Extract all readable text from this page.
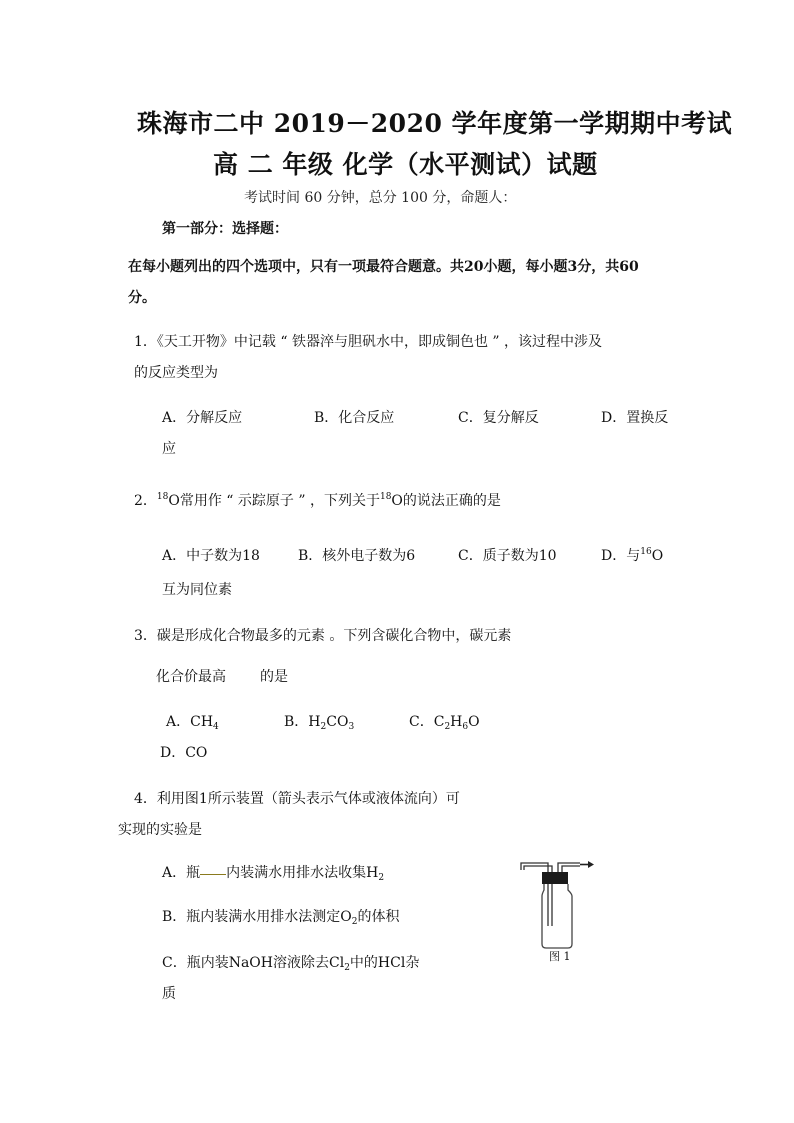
珠海市二中 2019－2020 学年度第一学期期中考试
高 二 年级 化学（水平测试）试题
考试时间 60 分钟，总分 100 分，命题人：
第一部分：选择题：
在每小题列出的四个选项中，只有一项最符合题意。共20小题，每小题3分，共60
分。
1．《天工开物》中记载 “ 铁器淬与胆矾水中，即成铜色也 ” ，该过程中涉及
的反应类型为
A．分解反应	B．化合反应	C．复分解反	D．置换反
应
2．$^{18}$O常用作 “ 示踪原子 ” ，下列关于$^{18}$O的说法正确的是
A．中子数为18	B．核外电子数为6	C．质子数为10	D．与$^{16}$O
互为同位素
3．碳是形成化合物最多的元素 。下列含碳化合物中，碳元素
化合价最高 的是
A．$CH_4$	B．$H_2CO_3$	C．$C_2H_6O$
D．CO
4．利用图1所示装置（箭头表示气体或液体流向）可
实现的实验是
A．瓶 内装满水用排水法收集$H_2$
B．瓶内装满水用排水法测定$O_2$的体积
C．瓶内装NaOH溶液除去$Cl_2$中的HCl杂
质
图 1
